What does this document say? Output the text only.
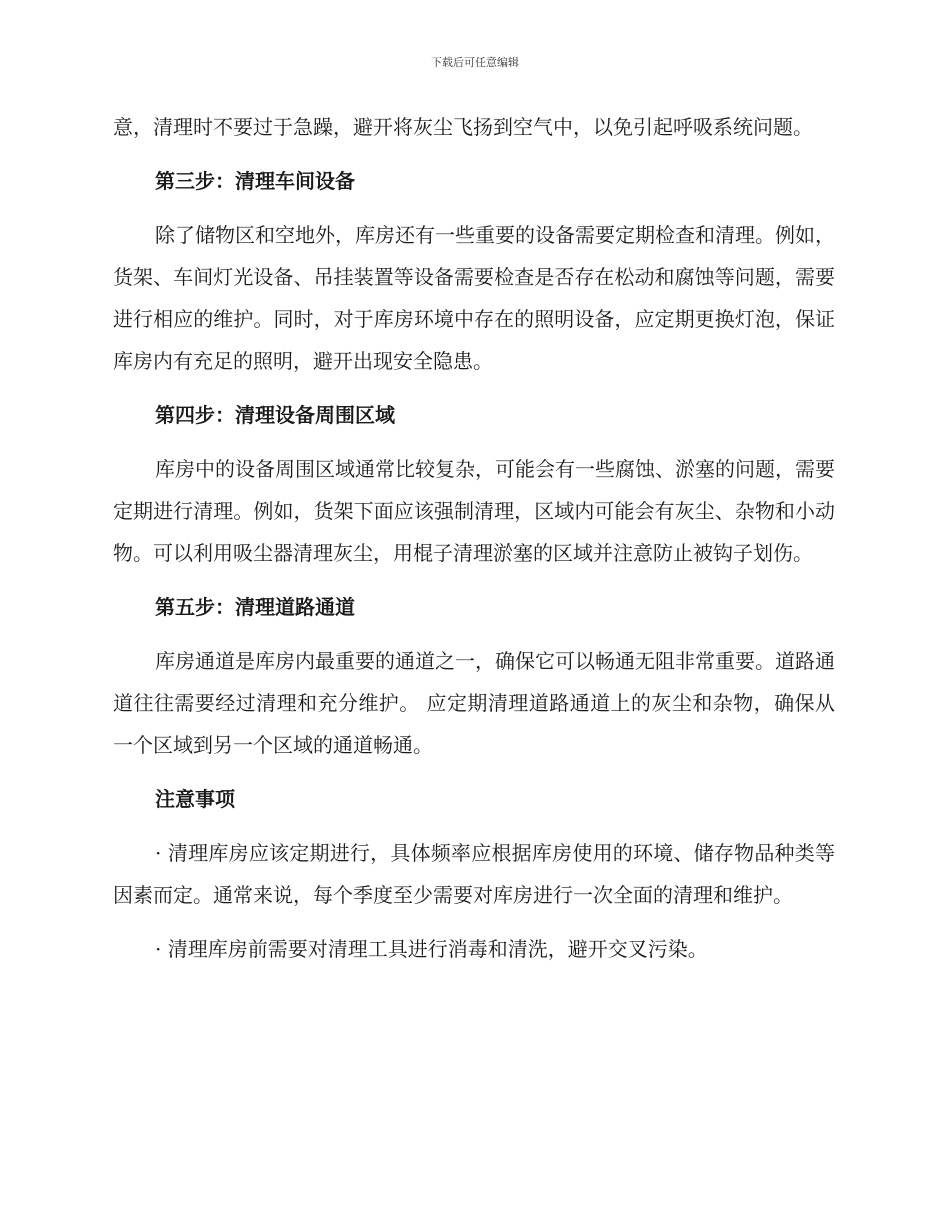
下载后可任意编辑

意，清理时不要过于急躁，避开将灰尘飞扬到空气中，以免引起呼吸系统问题。

第三步：清理车间设备

除了储物区和空地外，库房还有一些重要的设备需要定期检查和清理。例如，货架、车间灯光设备、吊挂装置等设备需要检查是否存在松动和腐蚀等问题，需要进行相应的维护。同时，对于库房环境中存在的照明设备，应定期更换灯泡，保证库房内有充足的照明，避开出现安全隐患。

第四步：清理设备周围区域

库房中的设备周围区域通常比较复杂，可能会有一些腐蚀、淤塞的问题，需要定期进行清理。例如，货架下面应该强制清理，区域内可能会有灰尘、杂物和小动物。可以利用吸尘器清理灰尘，用棍子清理淤塞的区域并注意防止被钩子划伤。

第五步：清理道路通道

库房通道是库房内最重要的通道之一，确保它可以畅通无阻非常重要。道路通道往往需要经过清理和充分维护。 应定期清理道路通道上的灰尘和杂物，确保从一个区域到另一个区域的通道畅通。

注意事项

· 清理库房应该定期进行，具体频率应根据库房使用的环境、储存物品种类等因素而定。通常来说，每个季度至少需要对库房进行一次全面的清理和维护。

· 清理库房前需要对清理工具进行消毒和清洗，避开交叉污染。
